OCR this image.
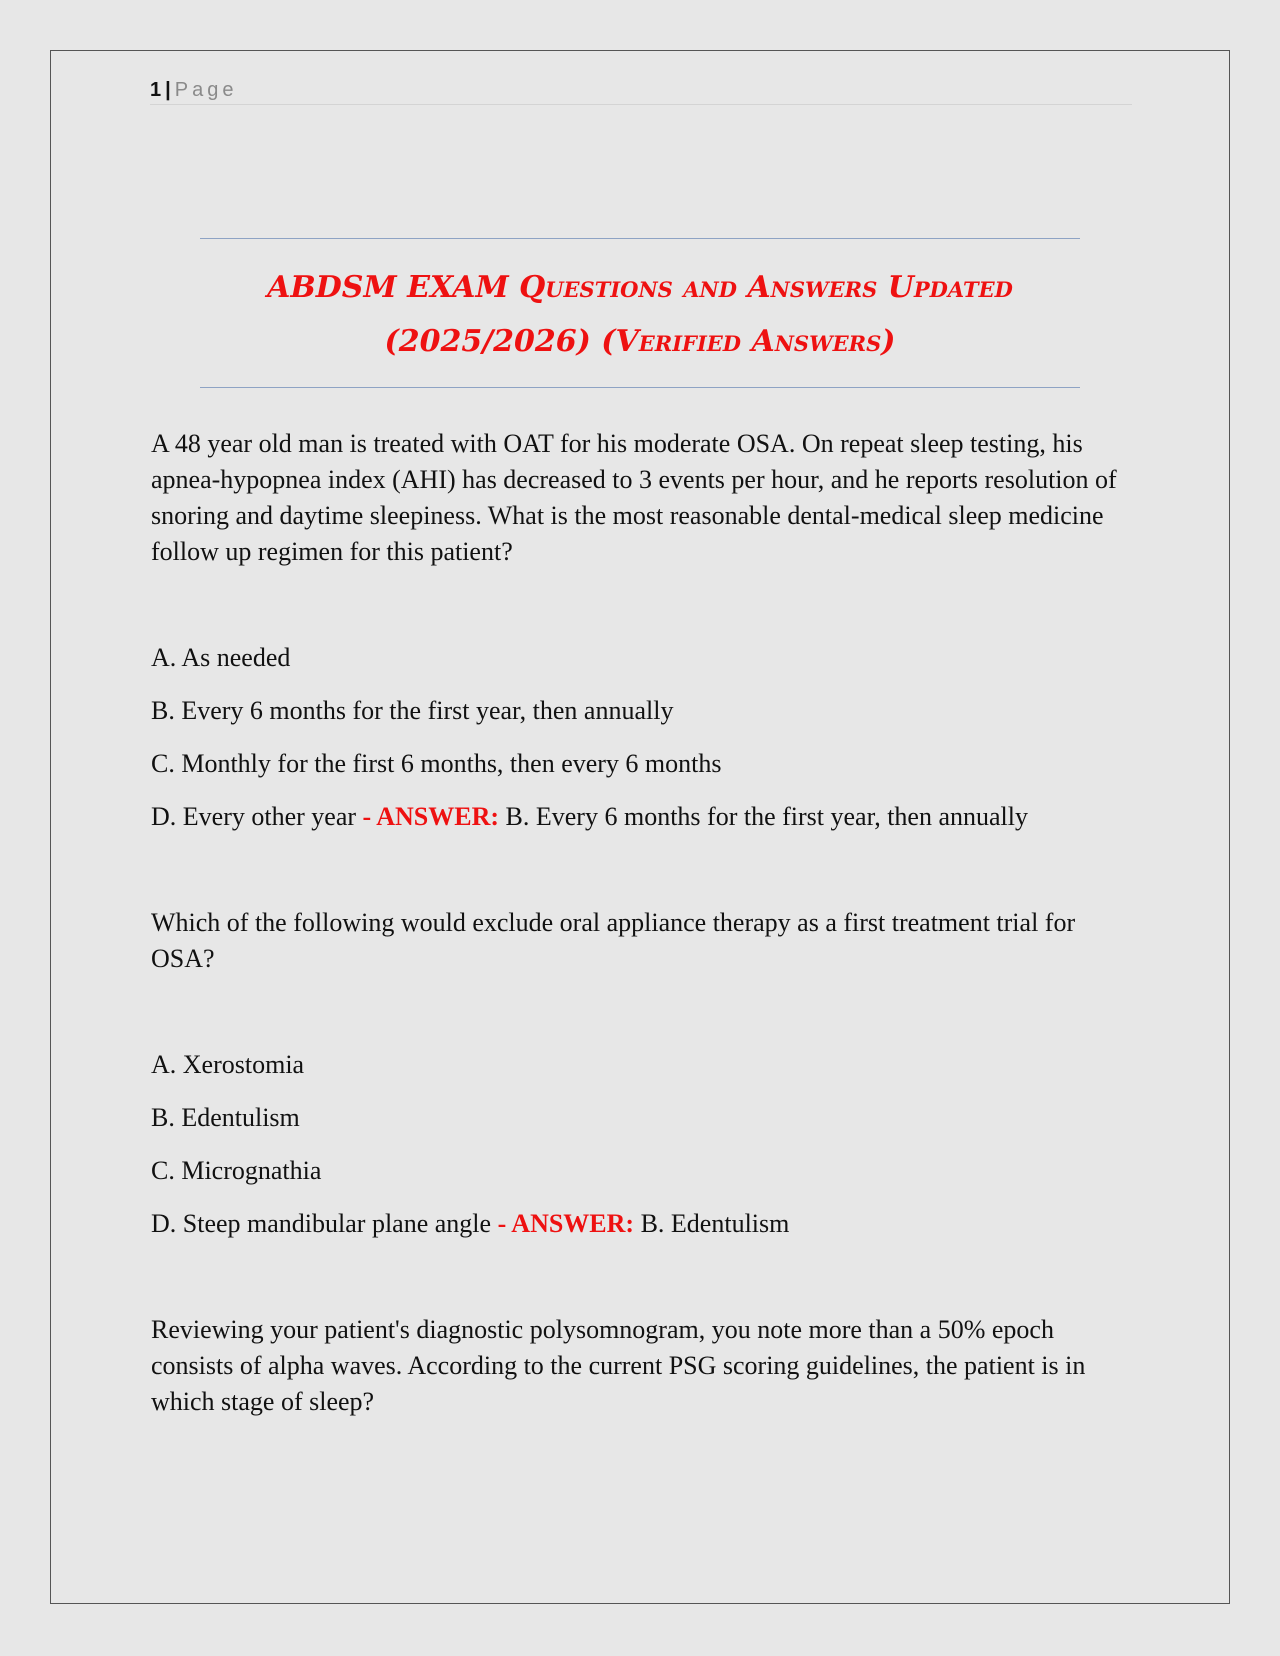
1 | Page
ABDSM EXAM Questions and Answers Updated
(2025/2026) (Verified Answers)

A 48 year old man is treated with OAT for his moderate OSA. On repeat sleep testing, his apnea-hypopnea index (AHI) has decreased to 3 events per hour, and he reports resolution of snoring and daytime sleepiness. What is the most reasonable dental-medical sleep medicine follow up regimen for this patient?

A. As needed

B. Every 6 months for the first year, then annually

C. Monthly for the first 6 months, then every 6 months

D. Every other year - ANSWER: B. Every 6 months for the first year, then annually

Which of the following would exclude oral appliance therapy as a first treatment trial for OSA?

A. Xerostomia

B. Edentulism

C. Micrognathia

D. Steep mandibular plane angle - ANSWER: B. Edentulism

Reviewing your patient's diagnostic polysomnogram, you note more than a 50% epoch consists of alpha waves. According to the current PSG scoring guidelines, the patient is in which stage of sleep?
